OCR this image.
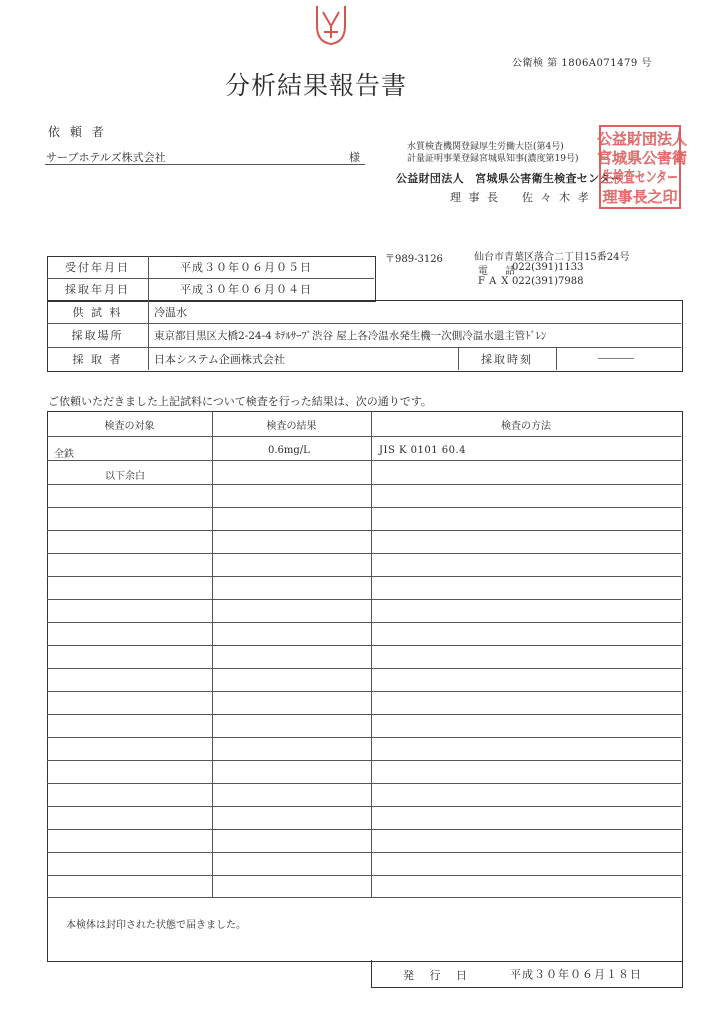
公衛検 第 1806A071479 号
分析結果報告書
依 頼 者
サーブホテルズ株式会社	様
水質検査機関登録厚生労働大臣(第4号)
計量証明事業登録宮城県知事(濃度第19号)
公益財団法人　宮城県公害衛生検査センター
理 事 長 佐 々 木 孝
公益財団法人
宮城県公害衛
生検査センター
理事長之印
〒989-3126	仙台市青葉区落合二丁目15番24号
電 話
022(391)1133
FAX
022(391)7988
受付年月日	平成３０年０６月０５日
採取年月日	平成３０年０６月０４日
供 試 料	冷温水
採取場所	東京都目黒区大橋2-24-4 ﾎﾃﾙｻｰﾌﾞ渋谷 屋上各冷温水発生機一次側冷温水還主管ﾄﾞﾚﾝ
採 取 者	日本システム企画株式会社	採取時刻	――――
ご依頼いただきました上記試料について検査を行った結果は、次の通りです。
検査の対象	検査の結果	検査の方法
全鉄	0.6mg/L	JIS K 0101 60.4
以下余白
本検体は封印された状態で届きました。
発 行 日	平成３０年０６月１８日
